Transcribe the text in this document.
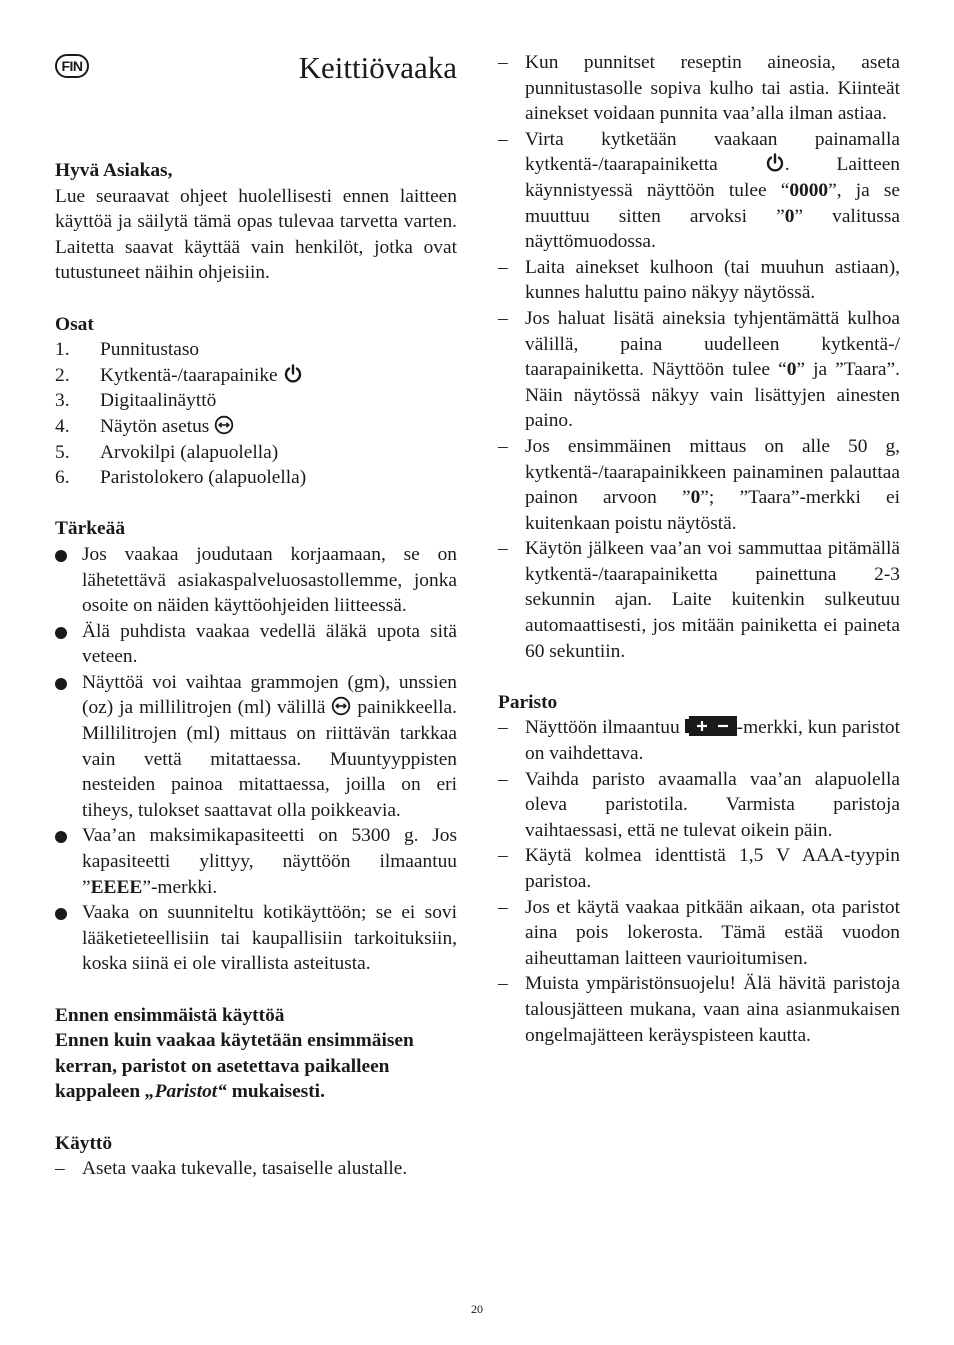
FIN	Keittiövaaka

Hyvä Asiakas,

Lue seuraavat ohjeet huolellisesti ennen laitteen käyttöä ja säilytä tämä opas tulevaa tarvetta varten. Laitetta saavat käyttää vain henkilöt, jotka ovat tutustuneet näihin ohjeisiin.

Osat

1.	Punnitustaso
2.	Kytkentä-/taarapainike
3.	Digitaalinäyttö
4.	Näytön asetus
5.	Arvokilpi (alapuolella)
6.	Paristolokero (alapuolella)

Tärkeää

Jos vaakaa joudutaan korjaamaan, se on lähetettävä asiakaspalveluosastollemme, jonka osoite on näiden käyttöohjeiden liitteessä.
Älä puhdista vaakaa vedellä äläkä upota sitä veteen.
Näyttöä voi vaihtaa grammojen (gm), unssien (oz) ja millilitrojen (ml) välillä painikkeella. Millilitrojen (ml) mittaus on riittävän tarkkaa vain vettä mitattaessa. Muuntyyppisten nesteiden painoa mitattaessa, joilla on eri tiheys, tulokset saattavat olla poikkeavia.
Vaa’an maksimikapasiteetti on 5300 g. Jos kapasiteetti ylittyy, näyttöön ilmaantuu ”EEEE”-merkki.
Vaaka on suunniteltu kotikäyttöön; se ei sovi lääketieteellisiin tai kaupallisiin tarkoituksiin, koska siinä ei ole virallista asteitusta.

Ennen ensimmäistä käyttöä

Ennen kuin vaakaa käytetään ensimmäisen kerran, paristot on asetettava paikalleen kappaleen „Paristot“ mukaisesti.

Käyttö

– Aseta vaaka tukevalle, tasaiselle alustalle.
– Kun punnitset reseptin aineosia, aseta punnitustasolle sopiva kulho tai astia. Kiinteät ainekset voidaan punnita vaa’alla ilman astiaa.
– Virta kytketään vaakaan painamalla kytkentä-/taarapainiketta	. Laitteen käynnistyessä näyttöön tulee “0000”, ja se muuttuu sitten arvoksi ”0” valitussa näyttömuodossa.
– Laita ainekset kulhoon (tai muuhun astiaan), kunnes haluttu paino näkyy näytössä.
– Jos haluat lisätä aineksia tyhjentämättä kulhoa välillä, paina uudelleen kytkentä-/ taarapainiketta. Näyttöön tulee “0” ja ”Taara”. Näin näytössä näkyy vain lisättyjen ainesten paino.
– Jos ensimmäinen mittaus on alle 50 g, kytkentä-/taarapainikkeen painaminen palauttaa painon arvoon ”0”; ”Taara”-merkki ei kuitenkaan poistu näytöstä.
– Käytön jälkeen vaa’an voi sammuttaa pitämällä kytkentä-/taarapainiketta painettuna 2-3 sekunnin ajan. Laite kuitenkin sulkeutuu automaattisesti, jos mitään painiketta ei paineta 60 sekuntiin.

Paristo

– Näyttöön ilmaantuu	-merkki, kun paristot on vaihdettava.
– Vaihda paristo avaamalla vaa’an alapuolella oleva paristotila. Varmista paristoja vaihtaessasi, että ne tulevat oikein päin.
– Käytä kolmea identtistä 1,5 V AAA-tyypin paristoa.
– Jos et käytä vaakaa pitkään aikaan, ota paristot aina pois lokerosta. Tämä estää vuodon aiheuttaman laitteen vaurioitumisen.
– Muista ympäristönsuojelu! Älä hävitä paristoja talousjätteen mukana, vaan aina asianmukaisen ongelmajätteen keräyspisteen kautta.
20
